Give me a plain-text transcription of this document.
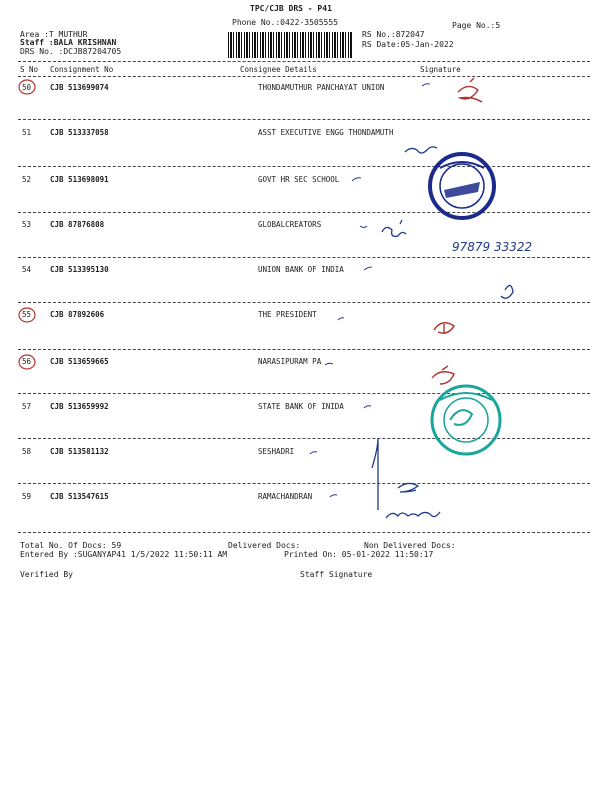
TPC/CJB DRS - P41
Phone No.:0422-3505555
Area :T MUTHUR
Staff :BALA KRISHNAN
DRS No. :DCJB87204705
RS No.:872047
RS Date:05-Jan-2022
Page No.:5
S No Consignment No	Consignee Details	Signature
50	CJB 513699074	THONDAMUTHUR PANCHAYAT UNION
51	CJB 513337058	ASST EXECUTIVE ENGG THONDAMUTH
52	CJB 513698091	GOVT HR SEC SCHOOL
53	CJB 87876808	GLOBALCREATORS
54	CJB 513395130	UNION BANK OF INDIA
55	CJB 87892606	THE PRESIDENT
56	CJB 513659665	NARASIPURAM PA
57	CJB 513659992	STATE BANK OF INIDA
58	CJB 513581132	SESHADRI
59	CJB 513547615	RAMACHANDRAN
Total No. Of Docs: 59	Delivered Docs:	Non Delivered Docs:
Entered By :SUGANYAP41 1/5/2022 11:50:11 AM	Printed On: 05-01-2022 11:50:17
Verified By	Staff Signature
97879 33322
